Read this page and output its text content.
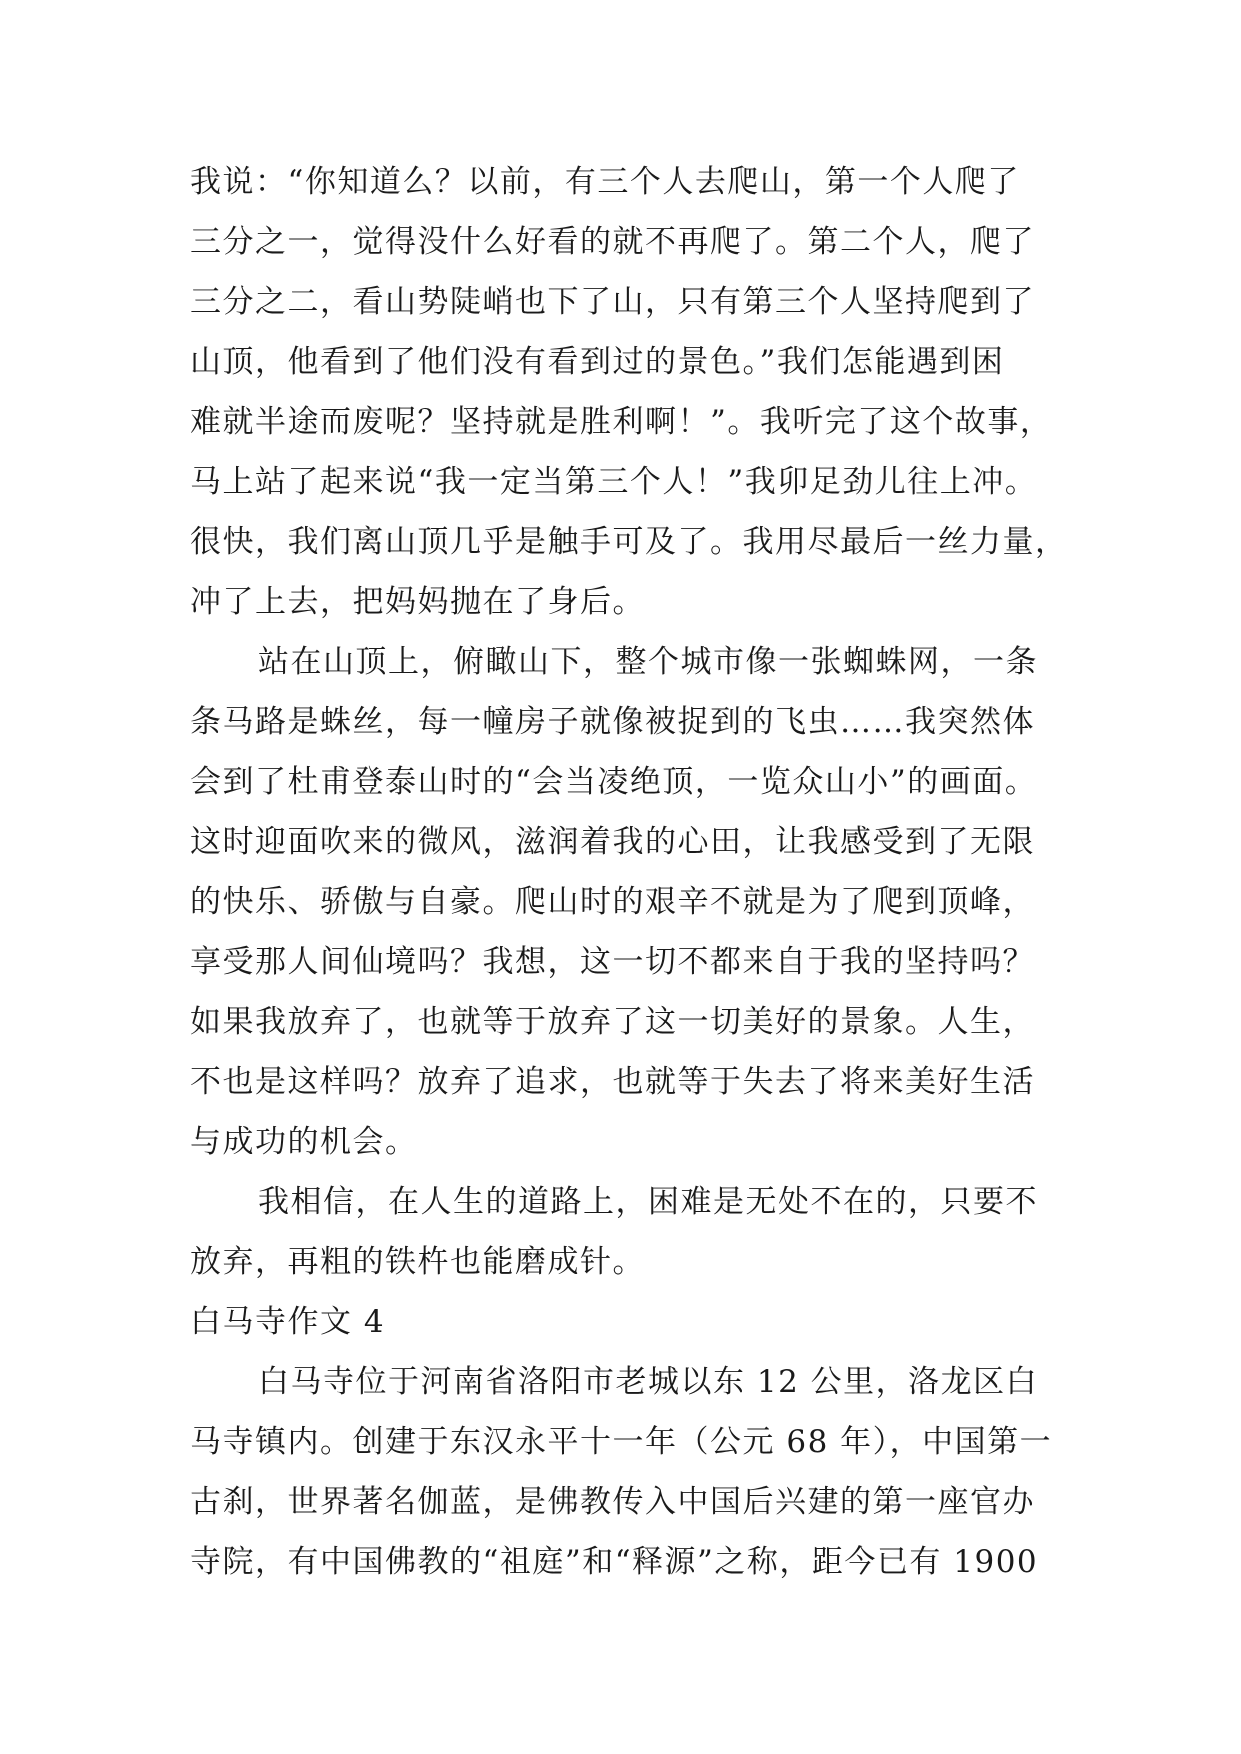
我说：“你知道么？以前，有三个人去爬山，第一个人爬了
三分之一，觉得没什么好看的就不再爬了。第二个人，爬了
三分之二，看山势陡峭也下了山，只有第三个人坚持爬到了
山顶，他看到了他们没有看到过的景色。”我们怎能遇到困
难就半途而废呢？坚持就是胜利啊！”。我听完了这个故事，
马上站了起来说“我一定当第三个人！”我卯足劲儿往上冲。
很快，我们离山顶几乎是触手可及了。我用尽最后一丝力量，
冲了上去，把妈妈抛在了身后。
站在山顶上，俯瞰山下，整个城市像一张蜘蛛网，一条
条马路是蛛丝，每一幢房子就像被捉到的飞虫……我突然体
会到了杜甫登泰山时的“会当凌绝顶，一览众山小”的画面。
这时迎面吹来的微风，滋润着我的心田，让我感受到了无限
的快乐、骄傲与自豪。爬山时的艰辛不就是为了爬到顶峰，
享受那人间仙境吗？我想，这一切不都来自于我的坚持吗？
如果我放弃了，也就等于放弃了这一切美好的景象。人生，
不也是这样吗？放弃了追求，也就等于失去了将来美好生活
与成功的机会。
我相信，在人生的道路上，困难是无处不在的，只要不
放弃，再粗的铁杵也能磨成针。
白马寺作文 4
白马寺位于河南省洛阳市老城以东 12 公里，洛龙区白
马寺镇内。创建于东汉永平十一年（公元 68 年），中国第一
古刹，世界著名伽蓝，是佛教传入中国后兴建的第一座官办
寺院，有中国佛教的“祖庭”和“释源”之称，距今已有 1900
